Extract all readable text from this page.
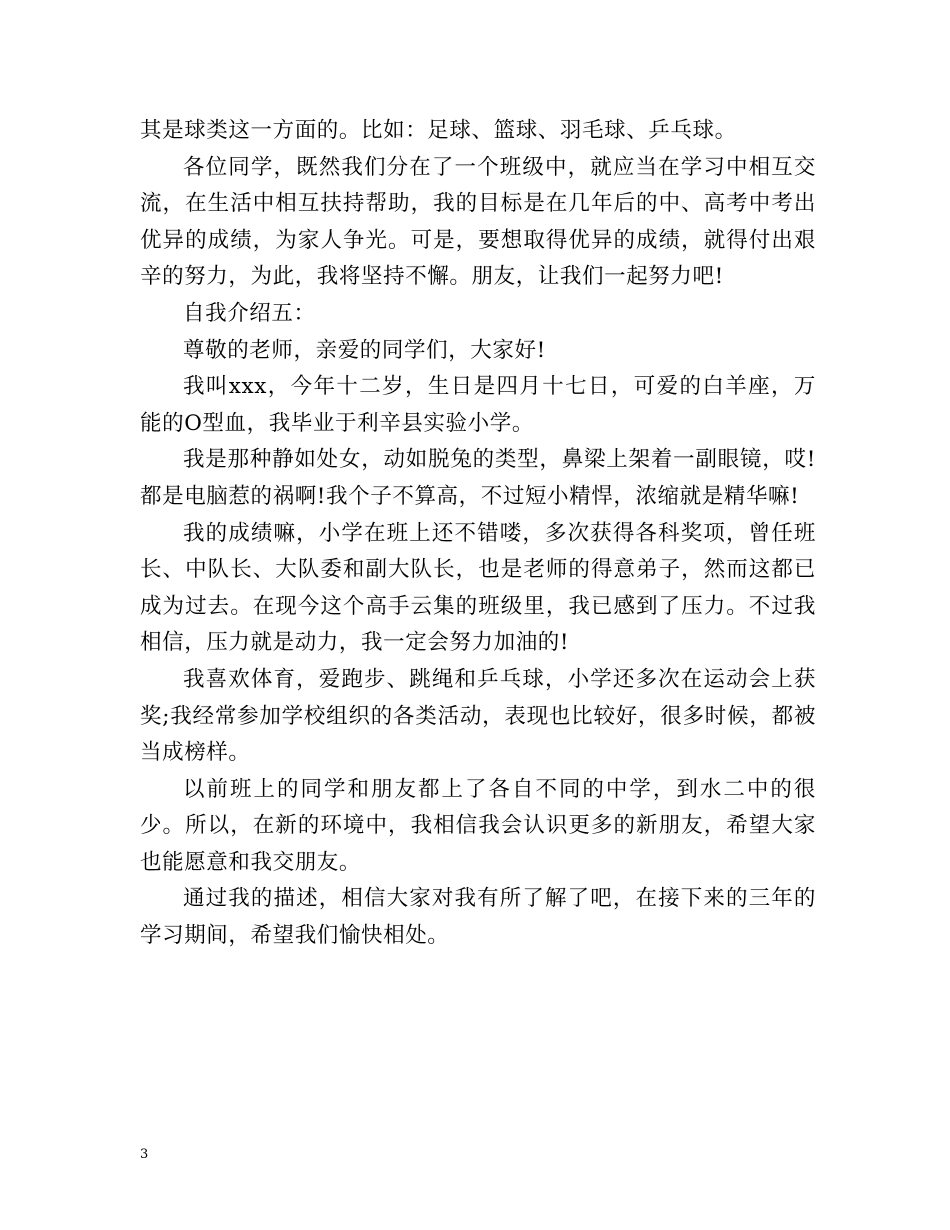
其是球类这一方面的。比如：足球、篮球、羽毛球、乒乓球。

各位同学，既然我们分在了一个班级中，就应当在学习中相互交流，在生活中相互扶持帮助，我的目标是在几年后的中、高考中考出优异的成绩，为家人争光。可是，要想取得优异的成绩，就得付出艰辛的努力，为此，我将坚持不懈。朋友，让我们一起努力吧!

自我介绍五：

尊敬的老师，亲爱的同学们，大家好!

我叫xxx，今年十二岁，生日是四月十七日，可爱的白羊座，万能的O型血，我毕业于利辛县实验小学。

我是那种静如处女，动如脱兔的类型，鼻梁上架着一副眼镜，哎!都是电脑惹的祸啊!我个子不算高，不过短小精悍，浓缩就是精华嘛!

我的成绩嘛，小学在班上还不错喽，多次获得各科奖项，曾任班长、中队长、大队委和副大队长，也是老师的得意弟子，然而这都已成为过去。在现今这个高手云集的班级里，我已感到了压力。不过我相信，压力就是动力，我一定会努力加油的!

我喜欢体育，爱跑步、跳绳和乒乓球，小学还多次在运动会上获奖;我经常参加学校组织的各类活动，表现也比较好，很多时候，都被当成榜样。

以前班上的同学和朋友都上了各自不同的中学，到水二中的很少。所以，在新的环境中，我相信我会认识更多的新朋友，希望大家也能愿意和我交朋友。

通过我的描述，相信大家对我有所了解了吧，在接下来的三年的学习期间，希望我们愉快相处。

3
